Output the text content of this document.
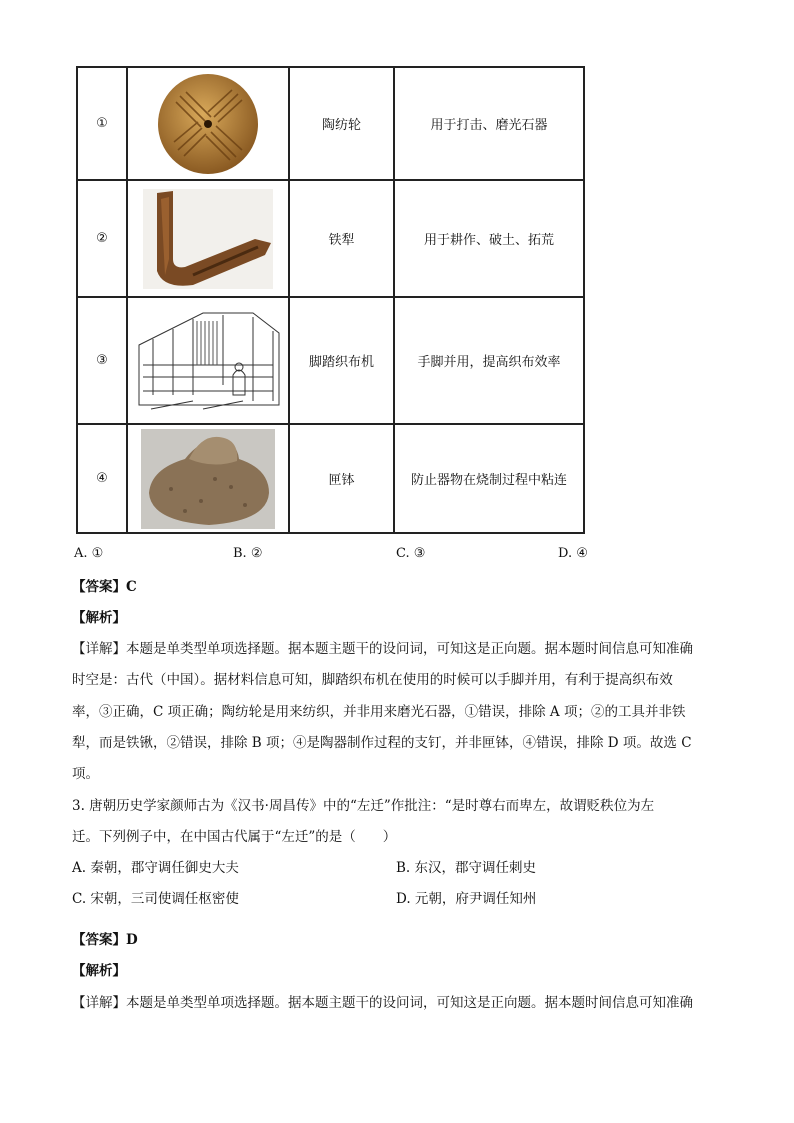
①		陶纺轮	用于打击、磨光石器
②		铁犁	用于耕作、破土、拓荒
③		脚踏织布机	手脚并用，提高织布效率
④		匣钵	防止器物在烧制过程中粘连
A. ①	B. ②	C. ③	D. ④
【答案】C
【解析】
【详解】本题是单类型单项选择题。据本题主题干的设问词，可知这是正向题。据本题时间信息可知准确
时空是：古代（中国）。据材料信息可知，脚踏织布机在使用的时候可以手脚并用，有利于提高织布效
率，③正确，C 项正确；陶纺轮是用来纺织，并非用来磨光石器，①错误，排除 A 项；②的工具并非铁
犁，而是铁锹，②错误，排除 B 项；④是陶器制作过程的支钉，并非匣钵，④错误，排除 D 项。故选 C
项。
3. 唐朝历史学家颜师古为《汉书·周昌传》中的“左迁”作批注：“是时尊右而卑左，故谓贬秩位为左
迁。下列例子中，在中国古代属于“左迁”的是（　　）
A. 秦朝，郡守调任御史大夫	B. 东汉，郡守调任刺史
C. 宋朝，三司使调任枢密使	D. 元朝，府尹调任知州
【答案】D
【解析】
【详解】本题是单类型单项选择题。据本题主题干的设问词，可知这是正向题。据本题时间信息可知准确
